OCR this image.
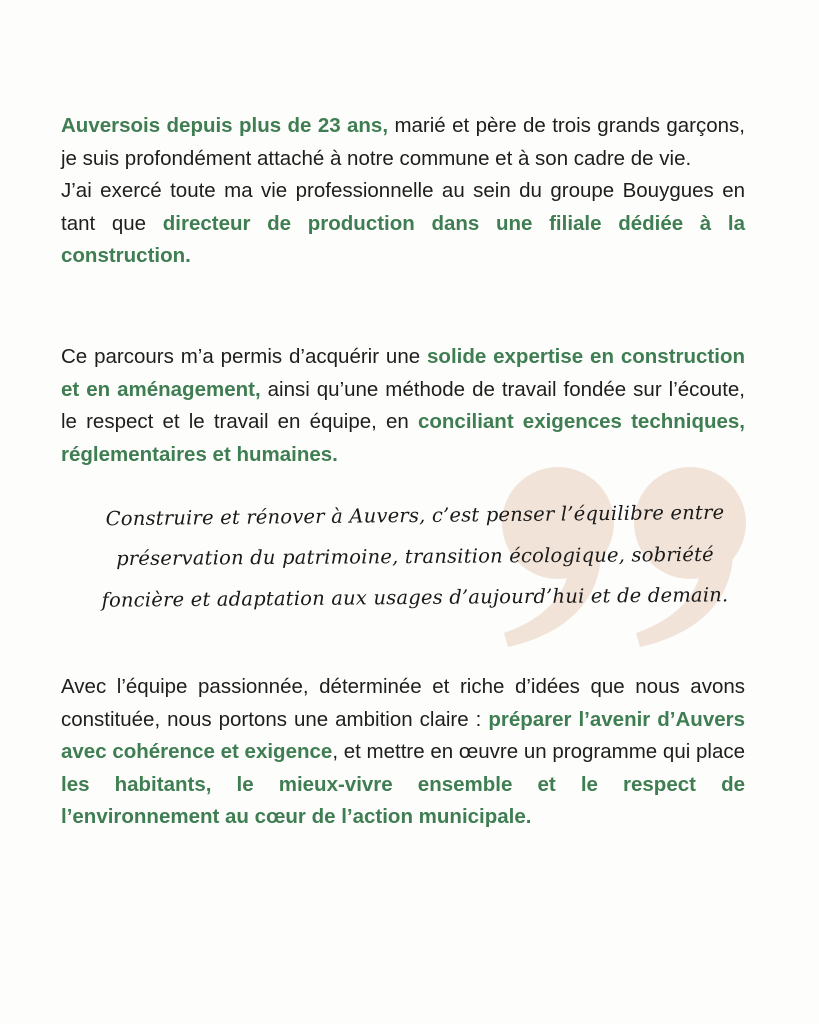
Auversois depuis plus de 23 ans, marié et père de trois grands garçons, je suis profondément attaché à notre commune et à son cadre de vie.
J’ai exercé toute ma vie professionnelle au sein du groupe Bouygues en tant que directeur de production dans une filiale dédiée à la construction.

Ce parcours m’a permis d’acquérir une solide expertise en construction et en aménagement, ainsi qu’une méthode de travail fondée sur l’écoute, le respect et le travail en équipe, en conciliant exigences techniques, réglementaires et humaines.

Construire et rénover à Auvers, c’est penser l’équilibre entre
préservation du patrimoine, transition écologique, sobriété
foncière et adaptation aux usages d’aujourd’hui et de demain.

Avec l’équipe passionnée, déterminée et riche d’idées que nous avons constituée, nous portons une ambition claire : préparer l’avenir d’Auvers avec cohérence et exigence, et mettre en œuvre un programme qui place les habitants, le mieux-vivre ensemble et le respect de l’environnement au cœur de l’action municipale.
